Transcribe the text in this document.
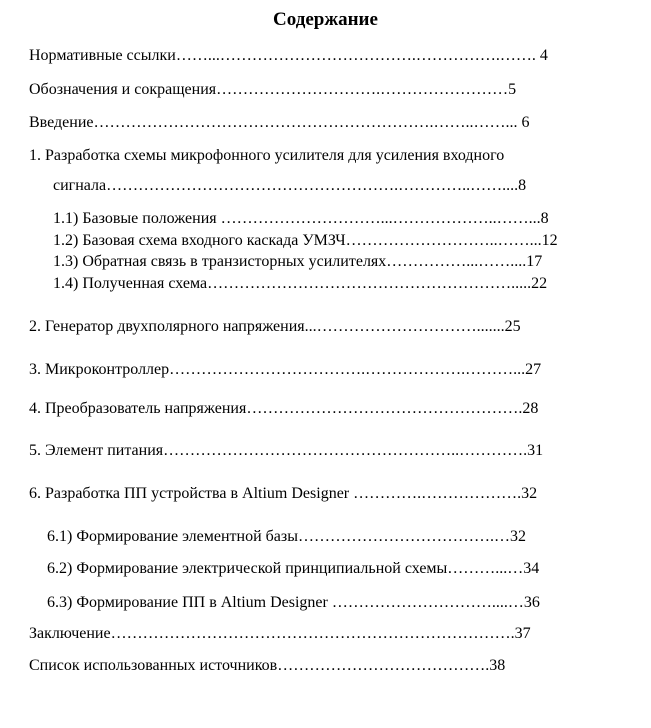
Содержание
Нормативные ссылки……...……………………………….…………….……. 4
Обозначения и сокращения………………………….……………………5
Введение……………………………………………………….……..……... 6
1. Разработка схемы микрофонного усилителя для усиления входного
сигнала……………………………………………….…………..……....8
1.1) Базовые положения …………………………...………………..……...8
1.2) Базовая схема входного каскада УМЗЧ………………………..……...12
1.3) Обратная связь в транзисторных усилителях……………...……....17
1.4) Полученная схема………………………………………………….....22
2. Генератор двухполярного напряжения...………………………….......25
3. Микроконтроллер……………………………….……………….………...27
4. Преобразователь напряжения…………………………………………….28
5. Элемент питания………………………………………………..………….31
6. Разработка ПП устройства в Altium Designer ………….……………….32
6.1) Формирование элементной базы……………………………….…32
6.2) Формирование электрической принципиальной схемы………...…34
6.3) Формирование ПП в Altium Designer …………………………....…36
Заключение………………………………………………………………….37
Список использованных источников………………………………….38
